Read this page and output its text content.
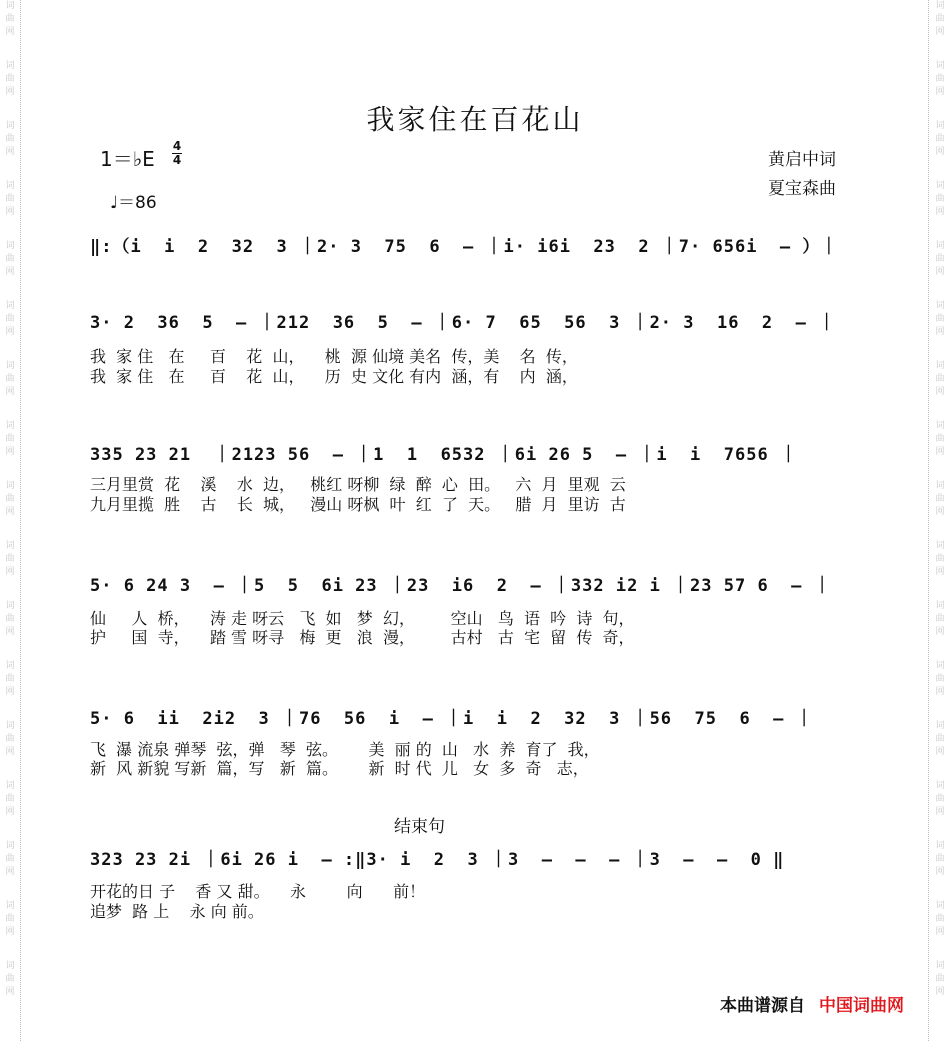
词
曲
网
词
曲
网
词
曲
网
词
曲
网
词
曲
网
词
曲
网
词
曲
网
词
曲
网
词
曲
网
词
曲
网
词
曲
网
词
曲
网
词
曲
网
词
曲
网
词
曲
网
词
曲
网
词
曲
网
词
曲
网
词
曲
网
词
曲
网
词
曲
网
词
曲
网
词
曲
网
词
曲
网
词
曲
网
词
曲
网
词
曲
网
词
曲
网
词
曲
网
词
曲
网
词
曲
网
词
曲
网
词
曲
网
词
曲
网
我家住在百花山
1＝♭E
4
4
♩＝86
黄启中词
夏宝森曲
‖:（i  i  2  32  3 ｜2· 3  75  6  – ｜i· i6i  23  2 ｜7· 656i  – ）｜
3· 2  36  5  – ｜212  36  5  – ｜6· 7  65  56  3 ｜2· 3  16  2  – ｜
我  家 住   在     百    花  山，    桃  源 仙境 美名  传，美    名  传，
我  家 住   在     百    花  山，    历  史 文化 有内  涵，有    内  涵，
335 23 21  ｜2123 56  – ｜1  1  6532 ｜6i 26 5  – ｜i  i  7656 ｜
三月里赏  花    溪    水  边，   桃红 呀柳  绿  醉  心  田。   六  月  里观  云
九月里揽  胜    古    长  城，   漫山 呀枫  叶  红  了  天。   腊  月  里访  古
5· 6 24 3  – ｜5  5  6i 23 ｜23  i6  2  – ｜332 i2 i ｜23 57 6  – ｜
仙     人  桥，    涛 走 呀云   飞  如   梦  幻，       空山   鸟  语  吟  诗  句，
护     国  寺，    踏 雪 呀寻   梅  更   浪  漫，       古村   古  宅  留  传  奇，
5· 6  ii  2i2  3 ｜76  56  i  – ｜i  i  2  32  3 ｜56  75  6  – ｜
飞  瀑 流泉 弹琴  弦，弹   琴  弦。      美  丽 的  山   水  养  育了  我，
新  风 新貌 写新  篇，写   新  篇。      新  时 代  儿   女  多  奇   志，
结束句
323 23 2i ｜6i 26 i  – :‖3· i  2  3 ｜3  –  –  – ｜3  –  –  0 ‖
开花的日 子    香 又 甜。    永        向      前！
追梦  路 上    永 向 前。
本曲谱源自 中国词曲网
